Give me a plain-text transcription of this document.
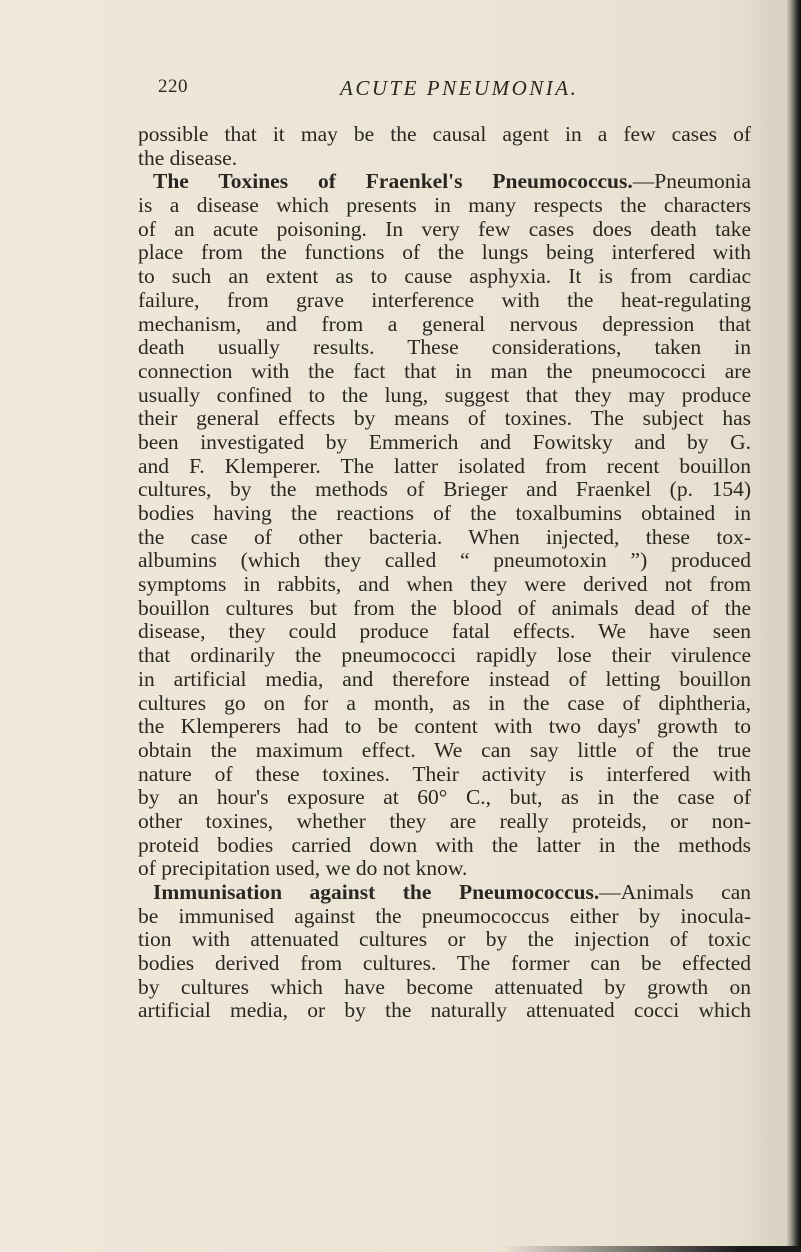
220	ACUTE PNEUMONIA.
possible that it may be the causal agent in a few cases of
the disease.
The Toxines of Fraenkel's Pneumococcus.—Pneumonia
is a disease which presents in many respects the characters
of an acute poisoning. In very few cases does death take
place from the functions of the lungs being interfered with
to such an extent as to cause asphyxia. It is from cardiac
failure, from grave interference with the heat-regulating
mechanism, and from a general nervous depression that
death usually results. These considerations, taken in
connection with the fact that in man the pneumococci are
usually confined to the lung, suggest that they may produce
their general effects by means of toxines. The subject has
been investigated by Emmerich and Fowitsky and by G.
and F. Klemperer. The latter isolated from recent bouillon
cultures, by the methods of Brieger and Fraenkel (p. 154)
bodies having the reactions of the toxalbumins obtained in
the case of other bacteria. When injected, these tox-
albumins (which they called “ pneumotoxin ”) produced
symptoms in rabbits, and when they were derived not from
bouillon cultures but from the blood of animals dead of the
disease, they could produce fatal effects. We have seen
that ordinarily the pneumococci rapidly lose their virulence
in artificial media, and therefore instead of letting bouillon
cultures go on for a month, as in the case of diphtheria,
the Klemperers had to be content with two days' growth to
obtain the maximum effect. We can say little of the true
nature of these toxines. Their activity is interfered with
by an hour's exposure at 60° C., but, as in the case of
other toxines, whether they are really proteids, or non-
proteid bodies carried down with the latter in the methods
of precipitation used, we do not know.
Immunisation against the Pneumococcus.—Animals can
be immunised against the pneumococcus either by inocula-
tion with attenuated cultures or by the injection of toxic
bodies derived from cultures. The former can be effected
by cultures which have become attenuated by growth on
artificial media, or by the naturally attenuated cocci which
